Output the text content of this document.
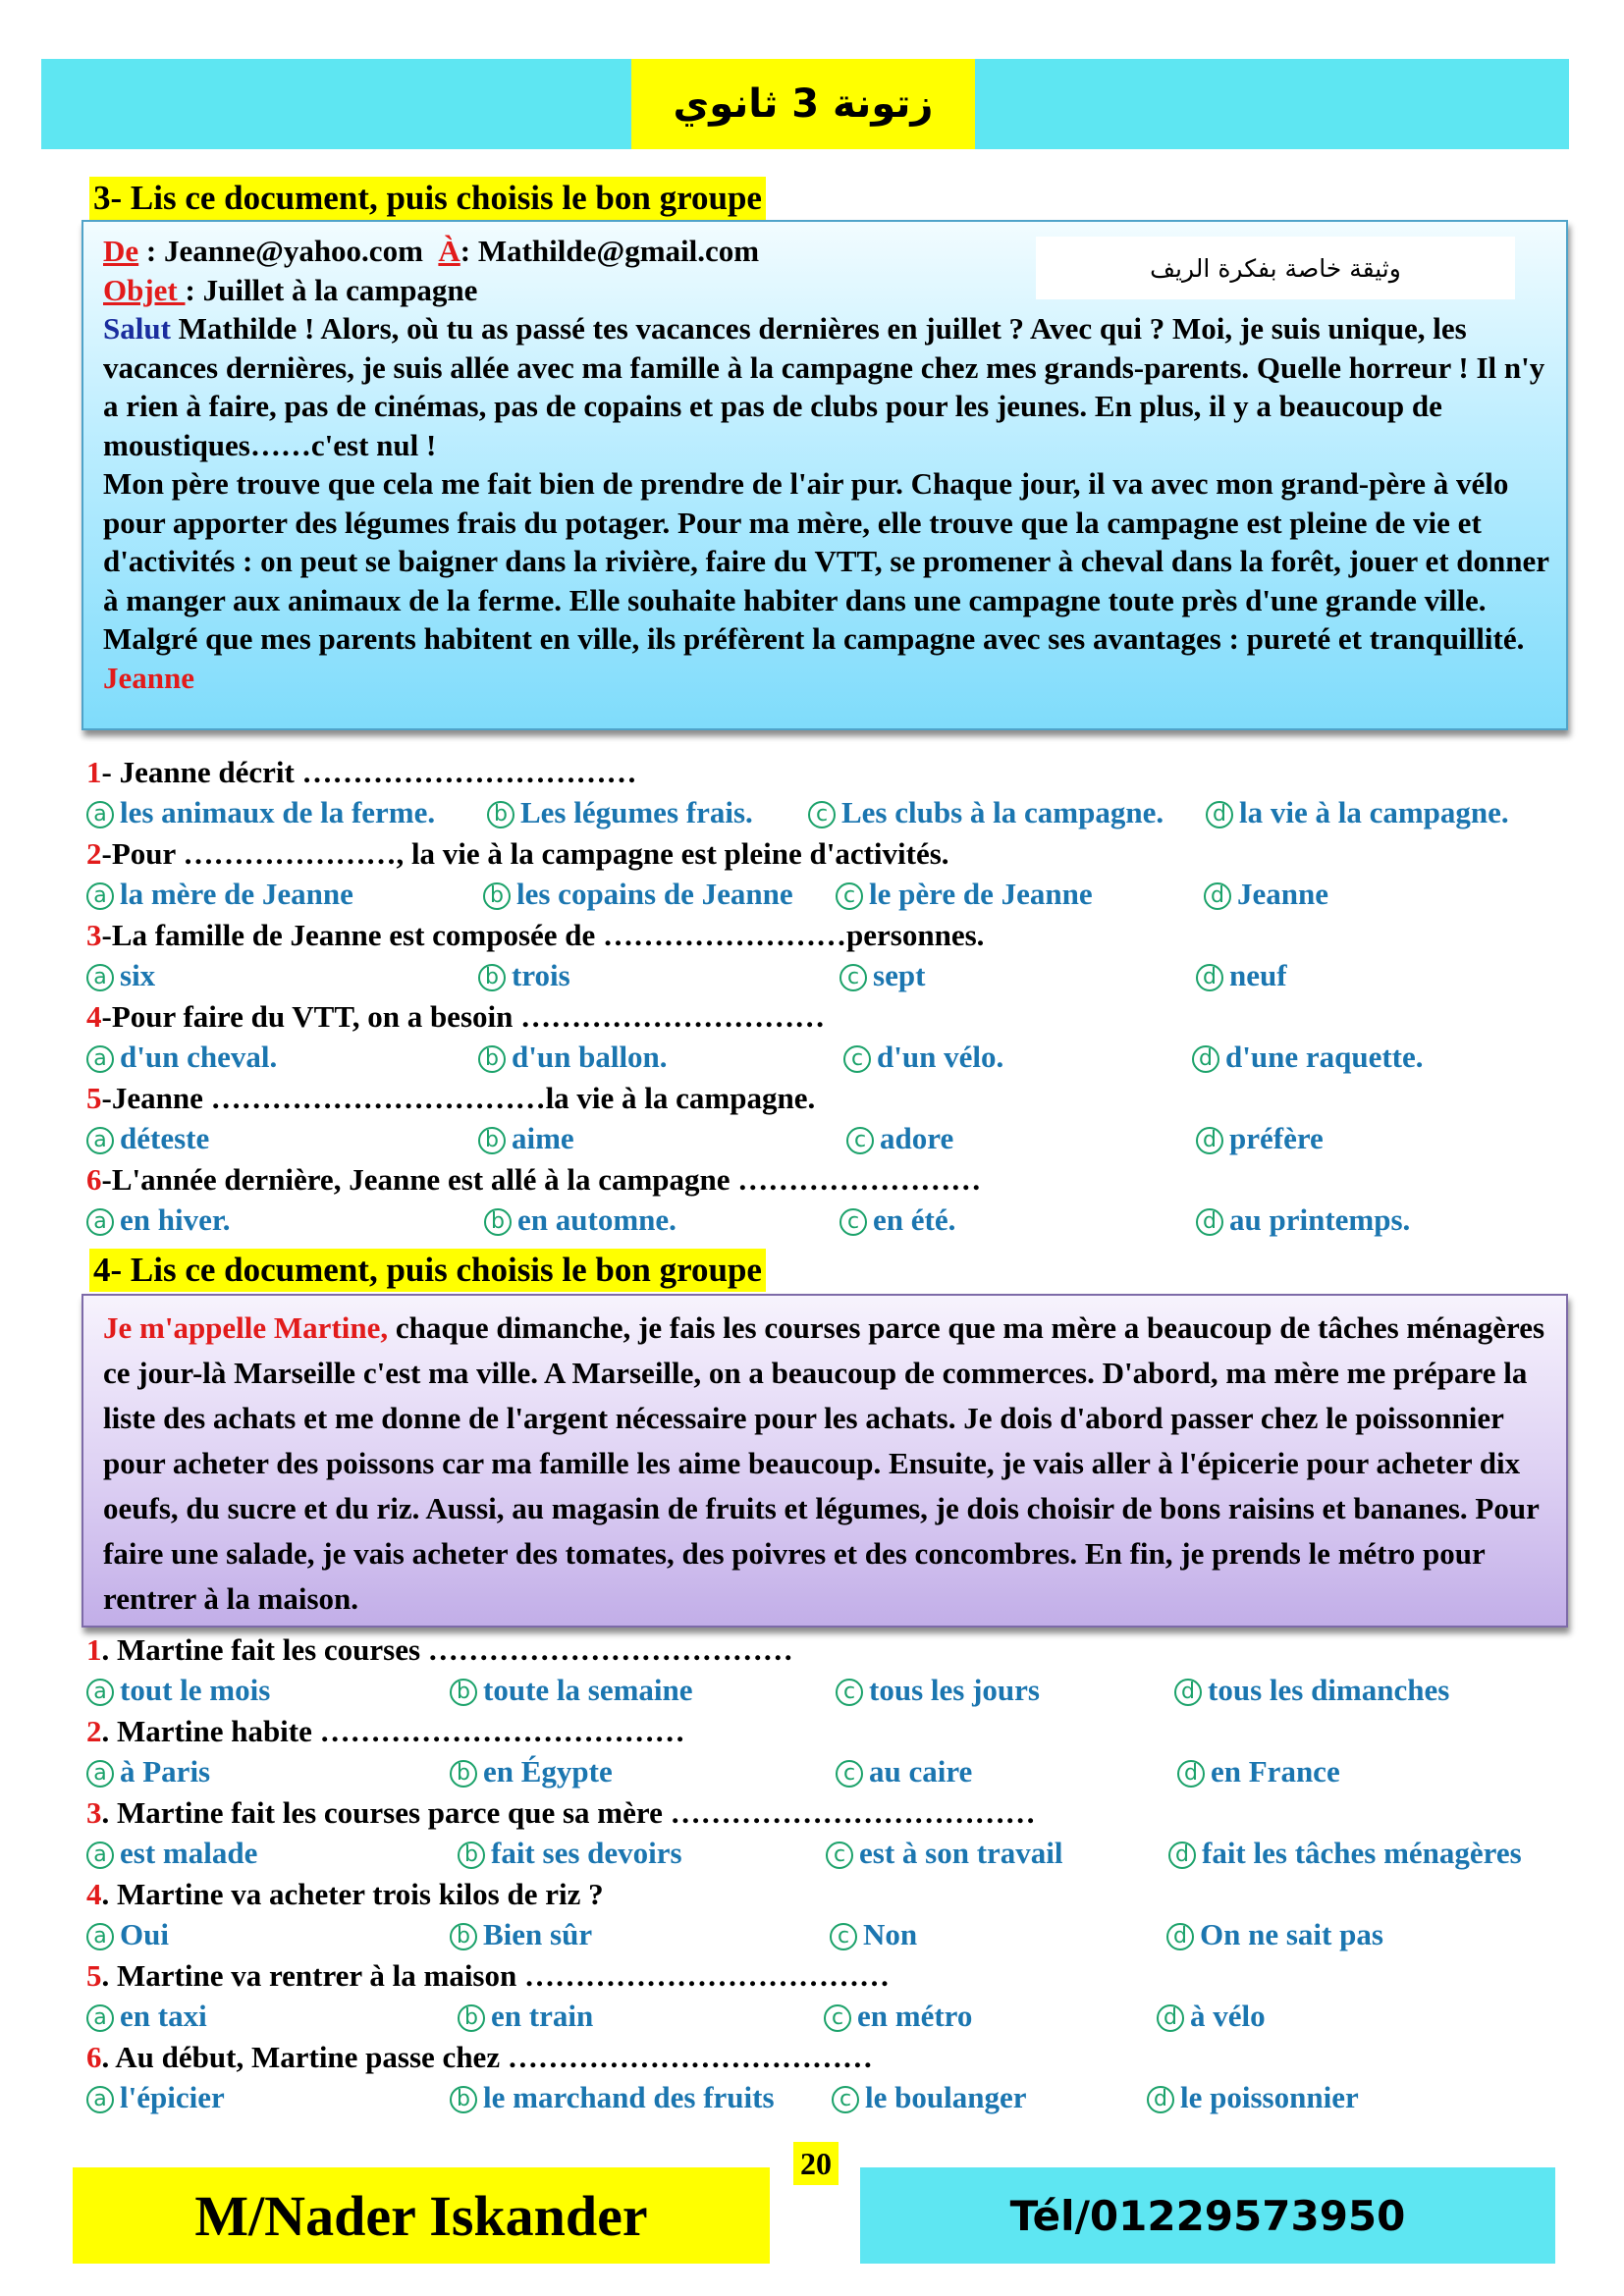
زتونة 3 ثانوي
3- Lis ce document, puis choisis le bon groupe
وثيقة خاصة بفكرة الريف
De : Jeanne@yahoo.com À: Mathilde@gmail.com
Objet : Juillet à la campagne
Salut Mathilde ! Alors, où tu as passé tes vacances dernières en juillet ? Avec qui ? Moi, je suis unique, les vacances dernières, je suis allée avec ma famille à la campagne chez mes grands-parents. Quelle horreur ! Il n'y a rien à faire, pas de cinémas, pas de copains et pas de clubs pour les jeunes. En plus, il y a beaucoup de moustiques……c'est nul !
Mon père trouve que cela me fait bien de prendre de l'air pur. Chaque jour, il va avec mon grand-père à vélo pour apporter des légumes frais du potager. Pour ma mère, elle trouve que la campagne est pleine de vie et d'activités : on peut se baigner dans la rivière, faire du VTT, se promener à cheval dans la forêt, jouer et donner à manger aux animaux de la ferme. Elle souhaite habiter dans une campagne toute près d'une grande ville. Malgré que mes parents habitent en ville, ils préfèrent la campagne avec ses avantages : pureté et tranquillité. Jeanne
1- Jeanne décrit ……………………………
a les animaux de la ferme.	b Les légumes frais.	c Les clubs à la campagne.	d la vie à la campagne.
2-Pour …………………, la vie à la campagne est pleine d'activités.
a la mère de Jeanne	b les copains de Jeanne	c le père de Jeanne	d Jeanne
3-La famille de Jeanne est composée de ……………………personnes.
a six	b trois	c sept	d neuf
4-Pour faire du VTT, on a besoin …………………………
a d'un cheval.	b d'un ballon.	c d'un vélo.	d d'une raquette.
5-Jeanne ……………………………la vie à la campagne.
a déteste	b aime	c adore	d préfère
6-L'année dernière, Jeanne est allé à la campagne ……………………
a en hiver.	b en automne.	c en été.	d au printemps.
4- Lis ce document, puis choisis le bon groupe
Je m'appelle Martine, chaque dimanche, je fais les courses parce que ma mère a beaucoup de tâches ménagères ce jour-là Marseille c'est ma ville. A Marseille, on a beaucoup de commerces. D'abord, ma mère me prépare la liste des achats et me donne de l'argent nécessaire pour les achats. Je dois d'abord passer chez le poissonnier pour acheter des poissons car ma famille les aime beaucoup. Ensuite, je vais aller à l'épicerie pour acheter dix oeufs, du sucre et du riz. Aussi, au magasin de fruits et légumes, je dois choisir de bons raisins et bananes. Pour faire une salade, je vais acheter des tomates, des poivres et des concombres. En fin, je prends le métro pour rentrer à la maison.
1. Martine fait les courses ………………………………
a tout le mois	b toute la semaine	c tous les jours	d tous les dimanches
2. Martine habite ………………………………
a à Paris	b en Égypte	c au caire	d en France
3. Martine fait les courses parce que sa mère ………………………………
a est malade	b fait ses devoirs	c est à son travail	d fait les tâches ménagères
4. Martine va acheter trois kilos de riz ?
a Oui	b Bien sûr	c Non	d On ne sait pas
5. Martine va rentrer à la maison ………………………………
a en taxi	b en train	c en métro	d à vélo
6. Au début, Martine passe chez ………………………………
a l'épicier	b le marchand des fruits	c le boulanger	d le poissonnier
20
M/Nader Iskander	Tél/01229573950
